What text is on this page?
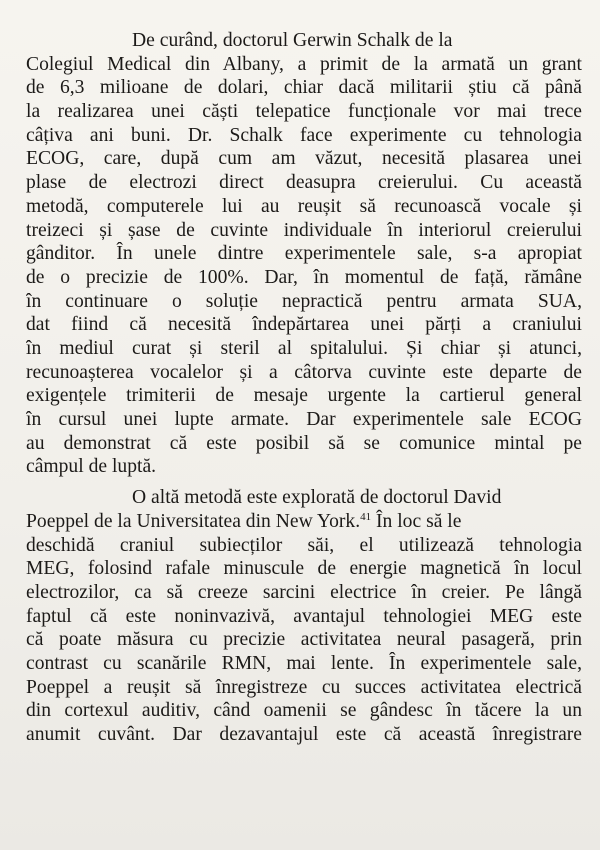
De curând, doctorul Gerwin Schalk de la
Colegiul Medical din Albany, a primit de la armată un grant
de 6,3 milioane de dolari, chiar dacă militarii știu că până
la realizarea unei căști telepatice funcționale vor mai trece
câțiva ani buni. Dr. Schalk face experimente cu tehnologia
ECOG, care, după cum am văzut, necesită plasarea unei
plase de electrozi direct deasupra creierului. Cu această
metodă, computerele lui au reușit să recunoască vocale și
treizeci și șase de cuvinte individuale în interiorul creierului
gânditor. În unele dintre experimentele sale, s-a apropiat
de o precizie de 100%. Dar, în momentul de față, rămâne
în continuare o soluție nepractică pentru armata SUA,
dat fiind că necesită îndepărtarea unei părți a craniului
în mediul curat și steril al spitalului. Și chiar și atunci,
recunoașterea vocalelor și a câtorva cuvinte este departe de
exigențele trimiterii de mesaje urgente la cartierul general
în cursul unei lupte armate. Dar experimentele sale ECOG
au demonstrat că este posibil să se comunice mintal pe
câmpul de luptă.
O altă metodă este explorată de doctorul David
Poeppel de la Universitatea din New York.$^{41}$ În loc să le
deschidă craniul subiecților săi, el utilizează tehnologia
MEG, folosind rafale minuscule de energie magnetică în locul
electrozilor, ca să creeze sarcini electrice în creier. Pe lângă
faptul că este noninvazivă, avantajul tehnologiei MEG este
că poate măsura cu precizie activitatea neural pasageră, prin
contrast cu scanările RMN, mai lente. În experimentele sale,
Poeppel a reușit să înregistreze cu succes activitatea electrică
din cortexul auditiv, când oamenii se gândesc în tăcere la un
anumit cuvânt. Dar dezavantajul este că această înregistrare
